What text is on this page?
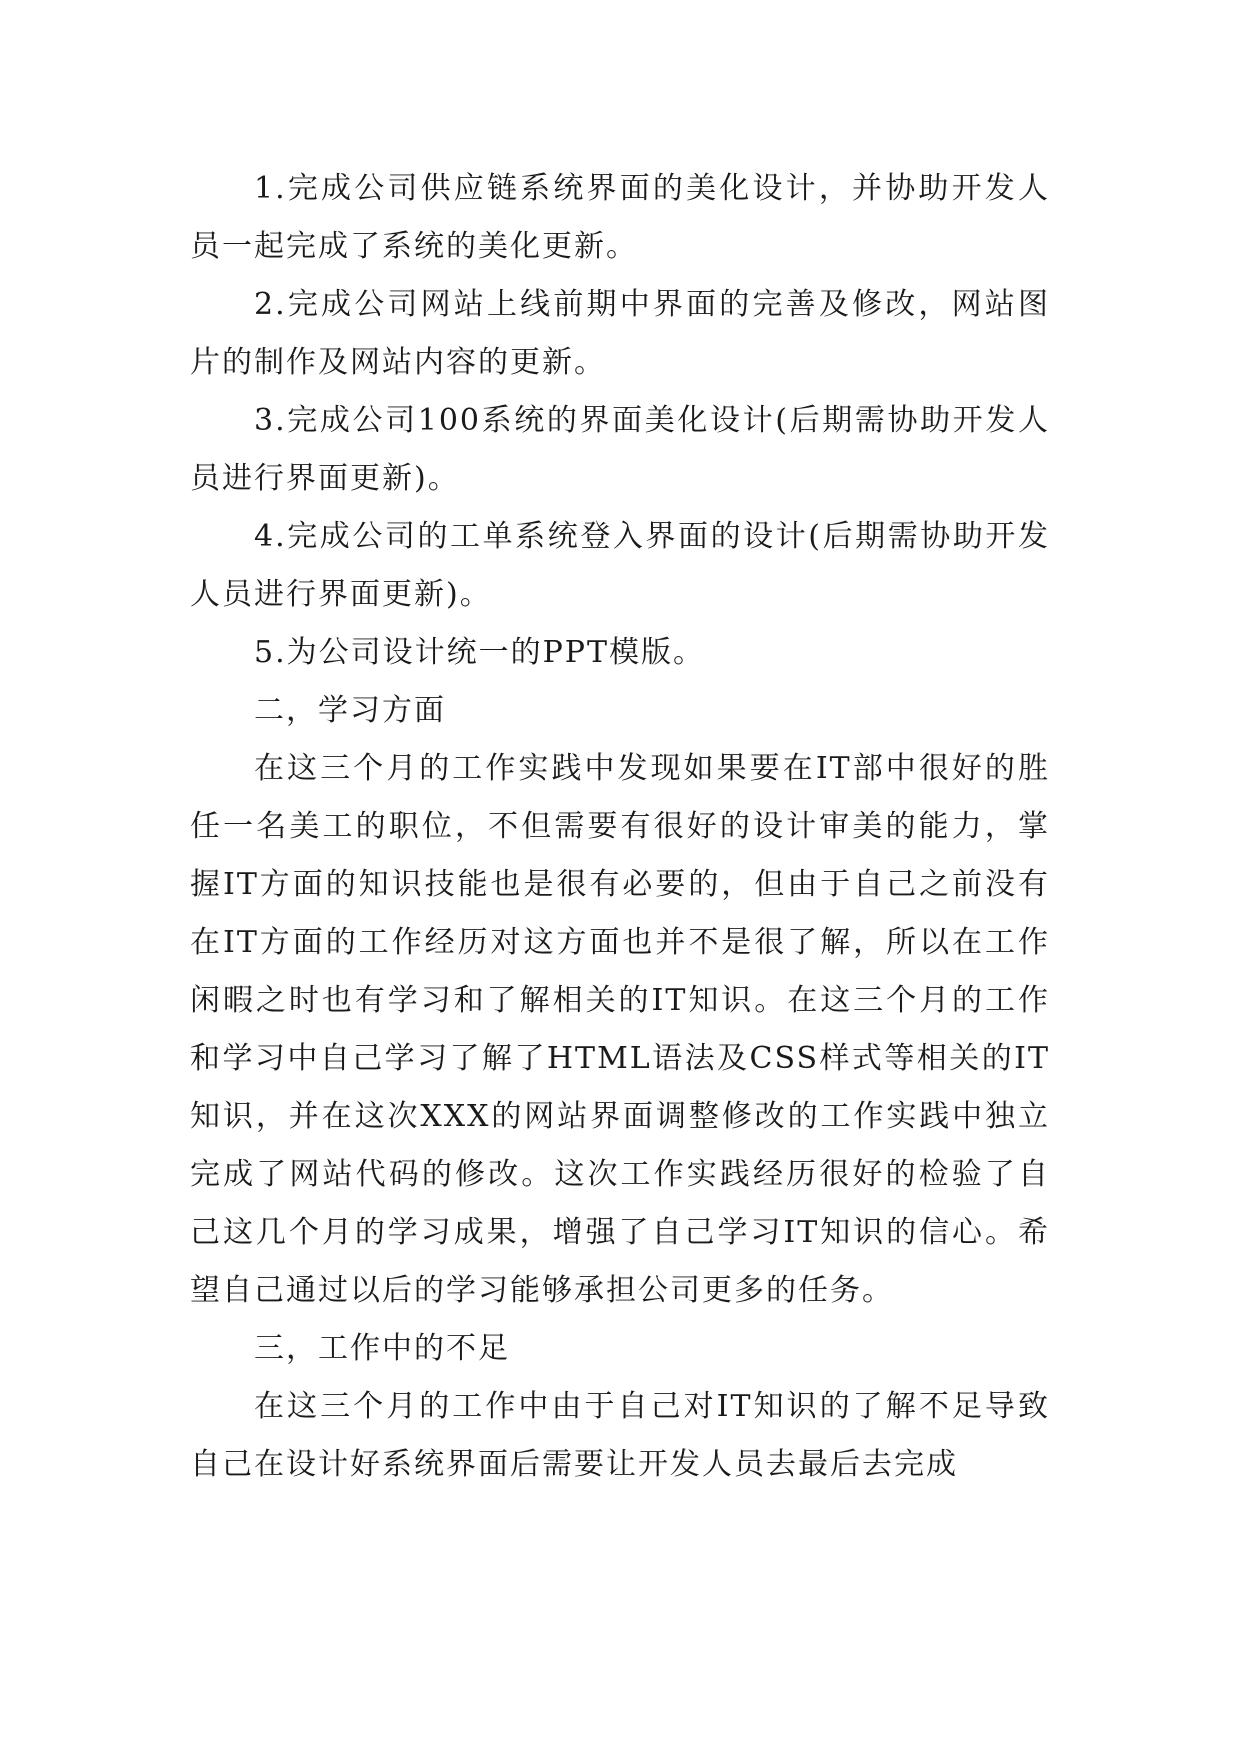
1.完成公司供应链系统界面的美化设计，并协助开发人员一起完成了系统的美化更新。

2.完成公司网站上线前期中界面的完善及修改，网站图片的制作及网站内容的更新。

3.完成公司100系统的界面美化设计(后期需协助开发人员进行界面更新)。

4.完成公司的工单系统登入界面的设计(后期需协助开发人员进行界面更新)。

5.为公司设计统一的PPT模版。

二，学习方面

在这三个月的工作实践中发现如果要在IT部中很好的胜任一名美工的职位，不但需要有很好的设计审美的能力，掌握IT方面的知识技能也是很有必要的，但由于自己之前没有在IT方面的工作经历对这方面也并不是很了解，所以在工作闲暇之时也有学习和了解相关的IT知识。在这三个月的工作和学习中自己学习了解了HTML语法及CSS样式等相关的IT知识，并在这次XXX的网站界面调整修改的工作实践中独立完成了网站代码的修改。这次工作实践经历很好的检验了自己这几个月的学习成果，增强了自己学习IT知识的信心。希望自己通过以后的学习能够承担公司更多的任务。

三，工作中的不足

在这三个月的工作中由于自己对IT知识的了解不足导致自己在设计好系统界面后需要让开发人员去最后去完成
